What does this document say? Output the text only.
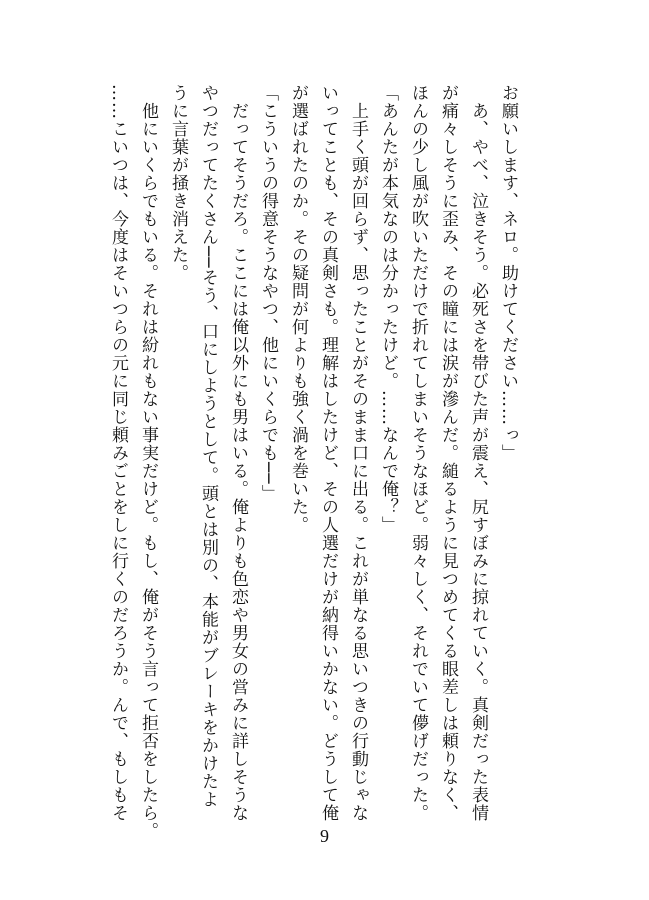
お願いします、ネロ。助けてください……っ」

　あ、やべ、泣きそう。必死さを帯びた声が震え、尻すぼみに掠れていく。真剣だった表情

が痛々しそうに歪み、その瞳には涙が滲んだ。縋るように見つめてくる眼差しは頼りなく、

ほんの少し風が吹いただけで折れてしまいそうなほど。弱々しく、それでいて儚げだった。

「あんたが本気なのは分かったけど。……なんで俺？」

　上手く頭が回らず、思ったことがそのまま口に出る。これが単なる思いつきの行動じゃな

いってことも、その真剣さも。理解はしたけど、その人選だけが納得いかない。どうして俺

が選ばれたのか。その疑問が何よりも強く渦を巻いた。

「こういうの得意そうなやつ、他にいくらでも──」

　だってそうだろ。ここには俺以外にも男はいる。俺よりも色恋や男女の営みに詳しそうな

やつだってたくさん──そう、口にしようとして。頭とは別の、本能がブレーキをかけたよ

うに言葉が掻き消えた。

　他にいくらでもいる。それは紛れもない事実だけど。もし、俺がそう言って拒否をしたら。

……こいつは、今度はそいつらの元に同じ頼みごとをしに行くのだろうか。んで、もしもそ

9
